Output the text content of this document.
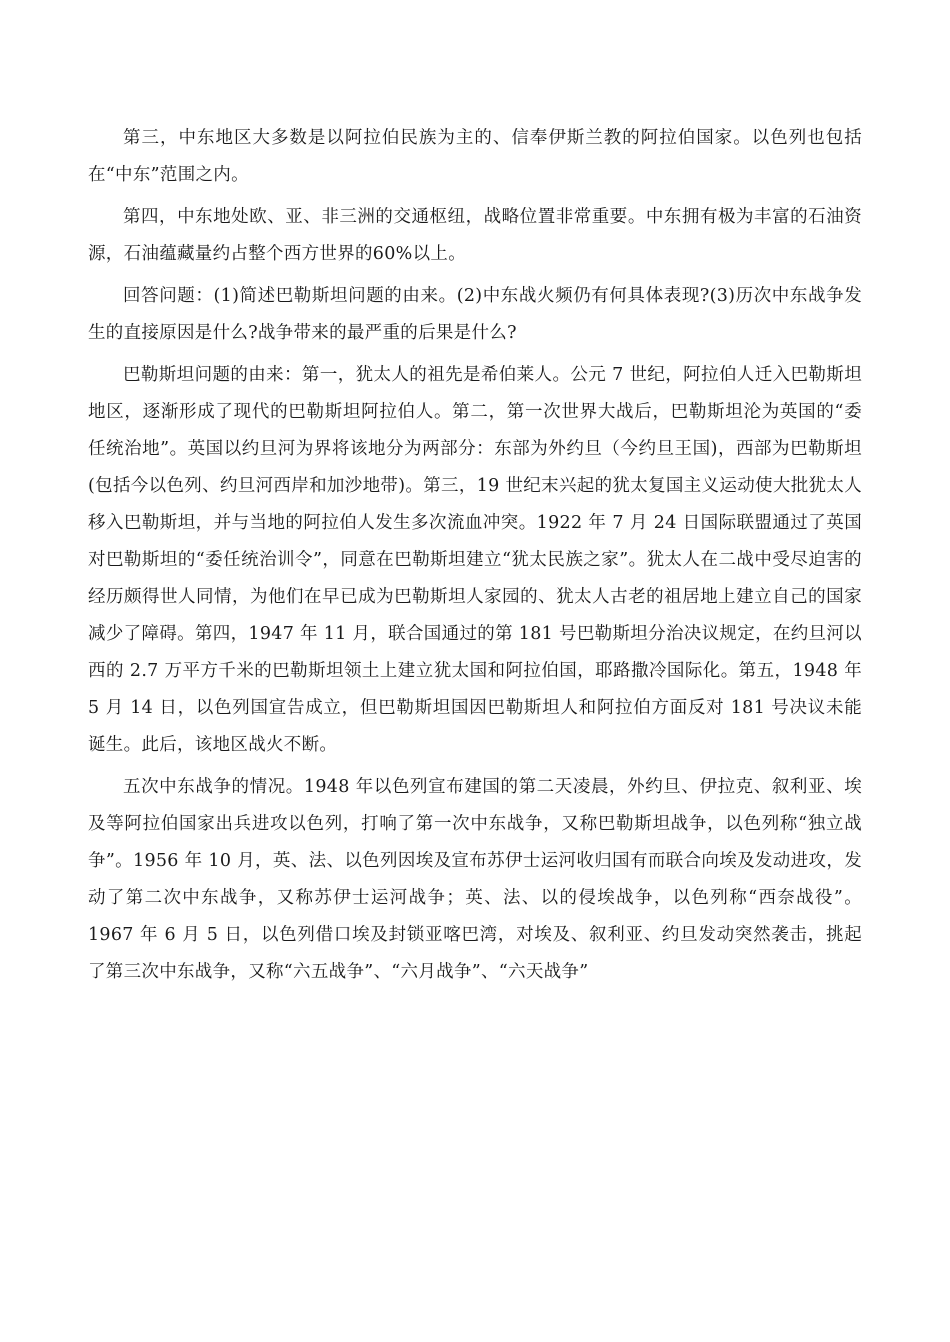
第三，中东地区大多数是以阿拉伯民族为主的、信奉伊斯兰教的阿拉伯国家。以色列也包括在“中东”范围之内。

第四，中东地处欧、亚、非三洲的交通枢纽，战略位置非常重要。中东拥有极为丰富的石油资源，石油蕴藏量约占整个西方世界的60%以上。

回答问题：(1)简述巴勒斯坦问题的由来。(2)中东战火频仍有何具体表现?(3)历次中东战争发生的直接原因是什么?战争带来的最严重的后果是什么?

巴勒斯坦问题的由来：第一，犹太人的祖先是希伯莱人。公元 7 世纪，阿拉伯人迁入巴勒斯坦地区，逐渐形成了现代的巴勒斯坦阿拉伯人。第二，第一次世界大战后，巴勒斯坦沦为英国的“委任统治地”。英国以约旦河为界将该地分为两部分：东部为外约旦（今约旦王国)，西部为巴勒斯坦(包括今以色列、约旦河西岸和加沙地带)。第三，19 世纪末兴起的犹太复国主义运动使大批犹太人移入巴勒斯坦，并与当地的阿拉伯人发生多次流血冲突。1922 年 7 月 24 日国际联盟通过了英国对巴勒斯坦的“委任统治训令”，同意在巴勒斯坦建立“犹太民族之家”。犹太人在二战中受尽迫害的经历颇得世人同情，为他们在早已成为巴勒斯坦人家园的、犹太人古老的祖居地上建立自己的国家减少了障碍。第四，1947 年 11 月，联合国通过的第 181 号巴勒斯坦分治决议规定，在约旦河以西的 2.7 万平方千米的巴勒斯坦领土上建立犹太国和阿拉伯国，耶路撒冷国际化。第五，1948 年 5 月 14 日，以色列国宣告成立，但巴勒斯坦国因巴勒斯坦人和阿拉伯方面反对 181 号决议未能诞生。此后，该地区战火不断。

五次中东战争的情况。1948 年以色列宣布建国的第二天凌晨，外约旦、伊拉克、叙利亚、埃及等阿拉伯国家出兵进攻以色列，打响了第一次中东战争，又称巴勒斯坦战争，以色列称“独立战争”。1956 年 10 月，英、法、以色列因埃及宣布苏伊士运河收归国有而联合向埃及发动进攻，发动了第二次中东战争，又称苏伊士运河战争；英、法、以的侵埃战争，以色列称“西奈战役”。1967 年 6 月 5 日，以色列借口埃及封锁亚喀巴湾，对埃及、叙利亚、约旦发动突然袭击，挑起了第三次中东战争，又称“六五战争”、“六月战争”、“六天战争”
